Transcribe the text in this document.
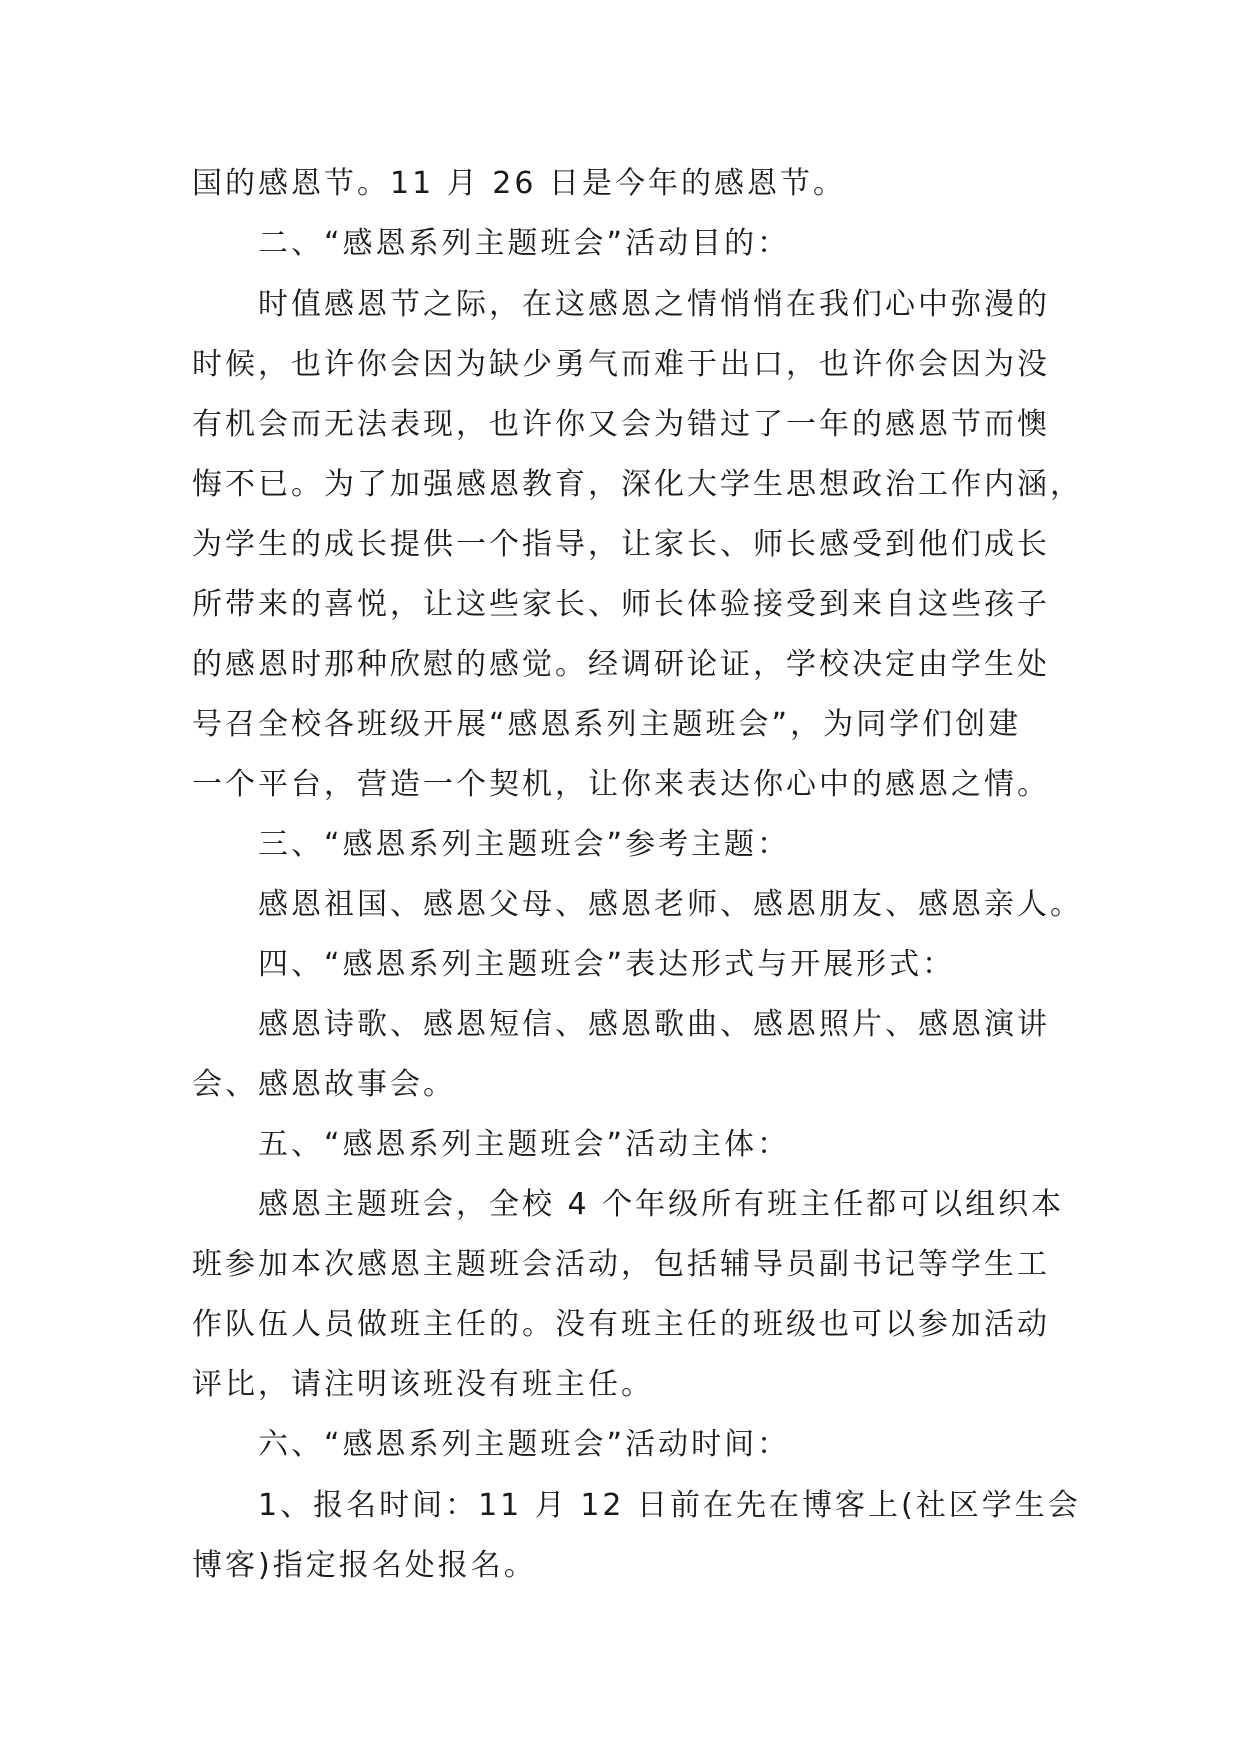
国的感恩节。11 月 26 日是今年的感恩节。
二、“感恩系列主题班会”活动目的：
时值感恩节之际，在这感恩之情悄悄在我们心中弥漫的
时候，也许你会因为缺少勇气而难于出口，也许你会因为没
有机会而无法表现，也许你又会为错过了一年的感恩节而懊
悔不已。为了加强感恩教育，深化大学生思想政治工作内涵，
为学生的成长提供一个指导，让家长、师长感受到他们成长
所带来的喜悦，让这些家长、师长体验接受到来自这些孩子
的感恩时那种欣慰的感觉。经调研论证，学校决定由学生处
号召全校各班级开展“感恩系列主题班会”，为同学们创建
一个平台，营造一个契机，让你来表达你心中的感恩之情。
三、“感恩系列主题班会”参考主题：
感恩祖国、感恩父母、感恩老师、感恩朋友、感恩亲人。
四、“感恩系列主题班会”表达形式与开展形式：
感恩诗歌、感恩短信、感恩歌曲、感恩照片、感恩演讲
会、感恩故事会。
五、“感恩系列主题班会”活动主体：
感恩主题班会，全校 4 个年级所有班主任都可以组织本
班参加本次感恩主题班会活动，包括辅导员副书记等学生工
作队伍人员做班主任的。没有班主任的班级也可以参加活动
评比，请注明该班没有班主任。
六、“感恩系列主题班会”活动时间：
1、报名时间：11 月 12 日前在先在博客上(社区学生会
博客)指定报名处报名。
